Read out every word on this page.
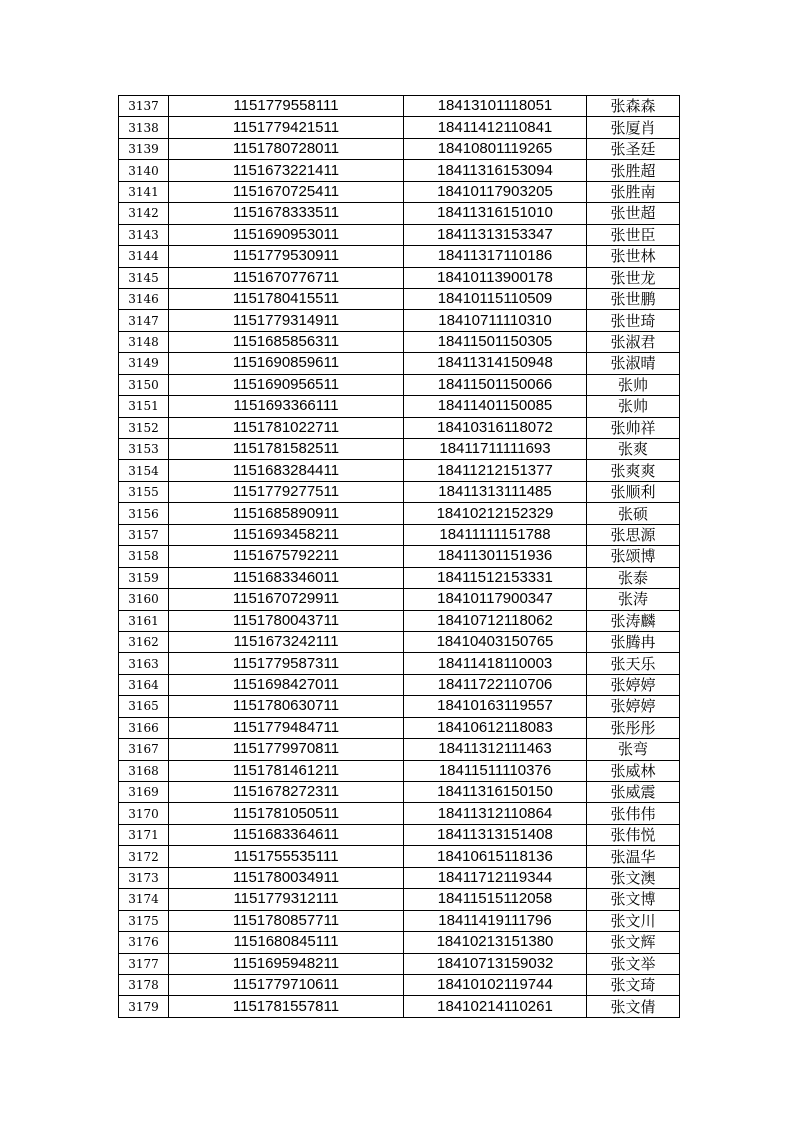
3137	1151779558111	18413101118051	张森森
3138	1151779421511	18411412110841	张厦肖
3139	1151780728011	18410801119265	张圣廷
3140	1151673221411	18411316153094	张胜超
3141	1151670725411	18410117903205	张胜南
3142	1151678333511	18411316151010	张世超
3143	1151690953011	18411313153347	张世臣
3144	1151779530911	18411317110186	张世林
3145	1151670776711	18410113900178	张世龙
3146	1151780415511	18410115110509	张世鹏
3147	1151779314911	18410711110310	张世琦
3148	1151685856311	18411501150305	张淑君
3149	1151690859611	18411314150948	张淑晴
3150	1151690956511	18411501150066	张帅
3151	1151693366111	18411401150085	张帅
3152	1151781022711	18410316118072	张帅祥
3153	1151781582511	18411711111693	张爽
3154	1151683284411	18411212151377	张爽爽
3155	1151779277511	18411313111485	张顺利
3156	1151685890911	18410212152329	张硕
3157	1151693458211	18411111151788	张思源
3158	1151675792211	18411301151936	张颂博
3159	1151683346011	18411512153331	张泰
3160	1151670729911	18410117900347	张涛
3161	1151780043711	18410712118062	张涛麟
3162	1151673242111	18410403150765	张腾冉
3163	1151779587311	18411418110003	张天乐
3164	1151698427011	18411722110706	张婷婷
3165	1151780630711	18410163119557	张婷婷
3166	1151779484711	18410612118083	张彤彤
3167	1151779970811	18411312111463	张弯
3168	1151781461211	18411511110376	张威林
3169	1151678272311	18411316150150	张威震
3170	1151781050511	18411312110864	张伟伟
3171	1151683364611	18411313151408	张伟悦
3172	1151755535111	18410615118136	张温华
3173	1151780034911	18411712119344	张文澳
3174	1151779312111	18411515112058	张文博
3175	1151780857711	18411419111796	张文川
3176	1151680845111	18410213151380	张文辉
3177	1151695948211	18410713159032	张文举
3178	1151779710611	18410102119744	张文琦
3179	1151781557811	18410214110261	张文倩
